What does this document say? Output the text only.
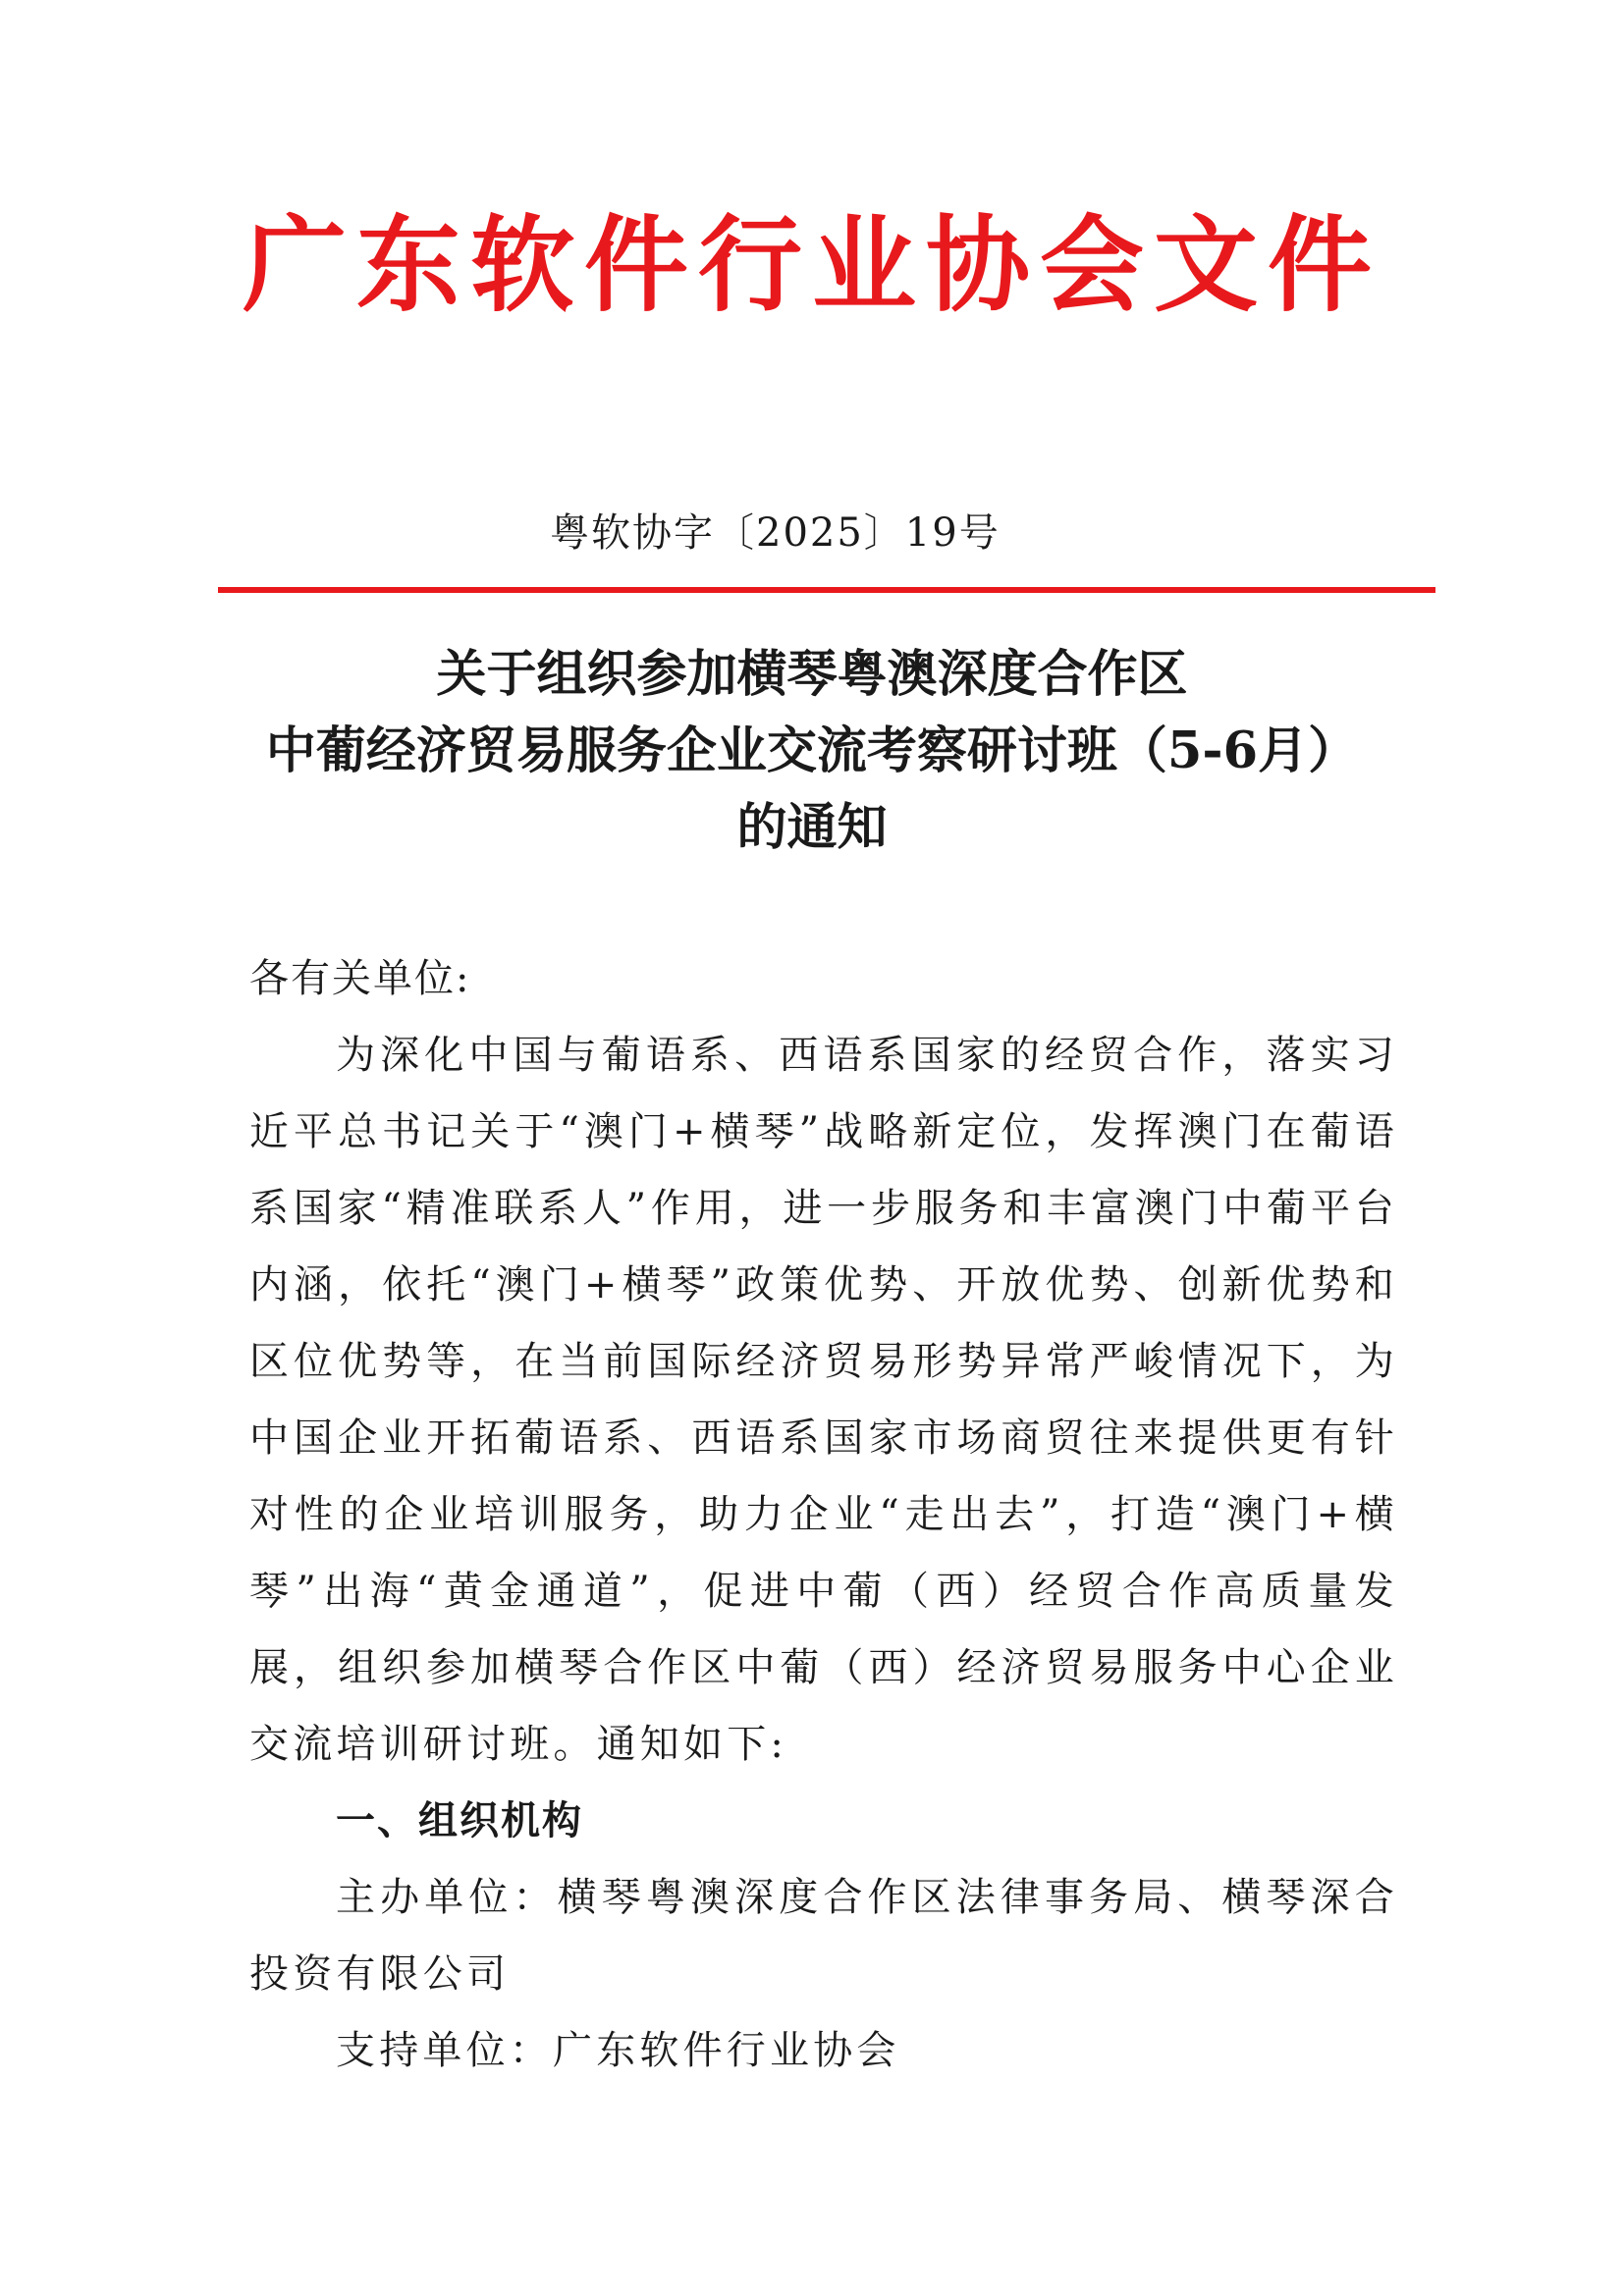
广东软件行业协会文件
粤软协字〔2025〕19号
关于组织参加横琴粤澳深度合作区
中葡经济贸易服务企业交流考察研讨班（5-6月）
的通知
各有关单位:

为深化中国与葡语系、西语系国家的经贸合作，落实习近平总书记关于“澳门+横琴”战略新定位，发挥澳门在葡语系国家“精准联系人”作用，进一步服务和丰富澳门中葡平台内涵，依托“澳门+横琴”政策优势、开放优势、创新优势和区位优势等，在当前国际经济贸易形势异常严峻情况下，为中国企业开拓葡语系、西语系国家市场商贸往来提供更有针对性的企业培训服务，助力企业“走出去”，打造“澳门+横琴”出海“黄金通道”，促进中葡（西）经贸合作高质量发展，组织参加横琴合作区中葡（西）经济贸易服务中心企业交流培训研讨班。通知如下:

一、组织机构
主办单位：横琴粤澳深度合作区法律事务局、横琴深合投资有限公司
支持单位：广东软件行业协会
